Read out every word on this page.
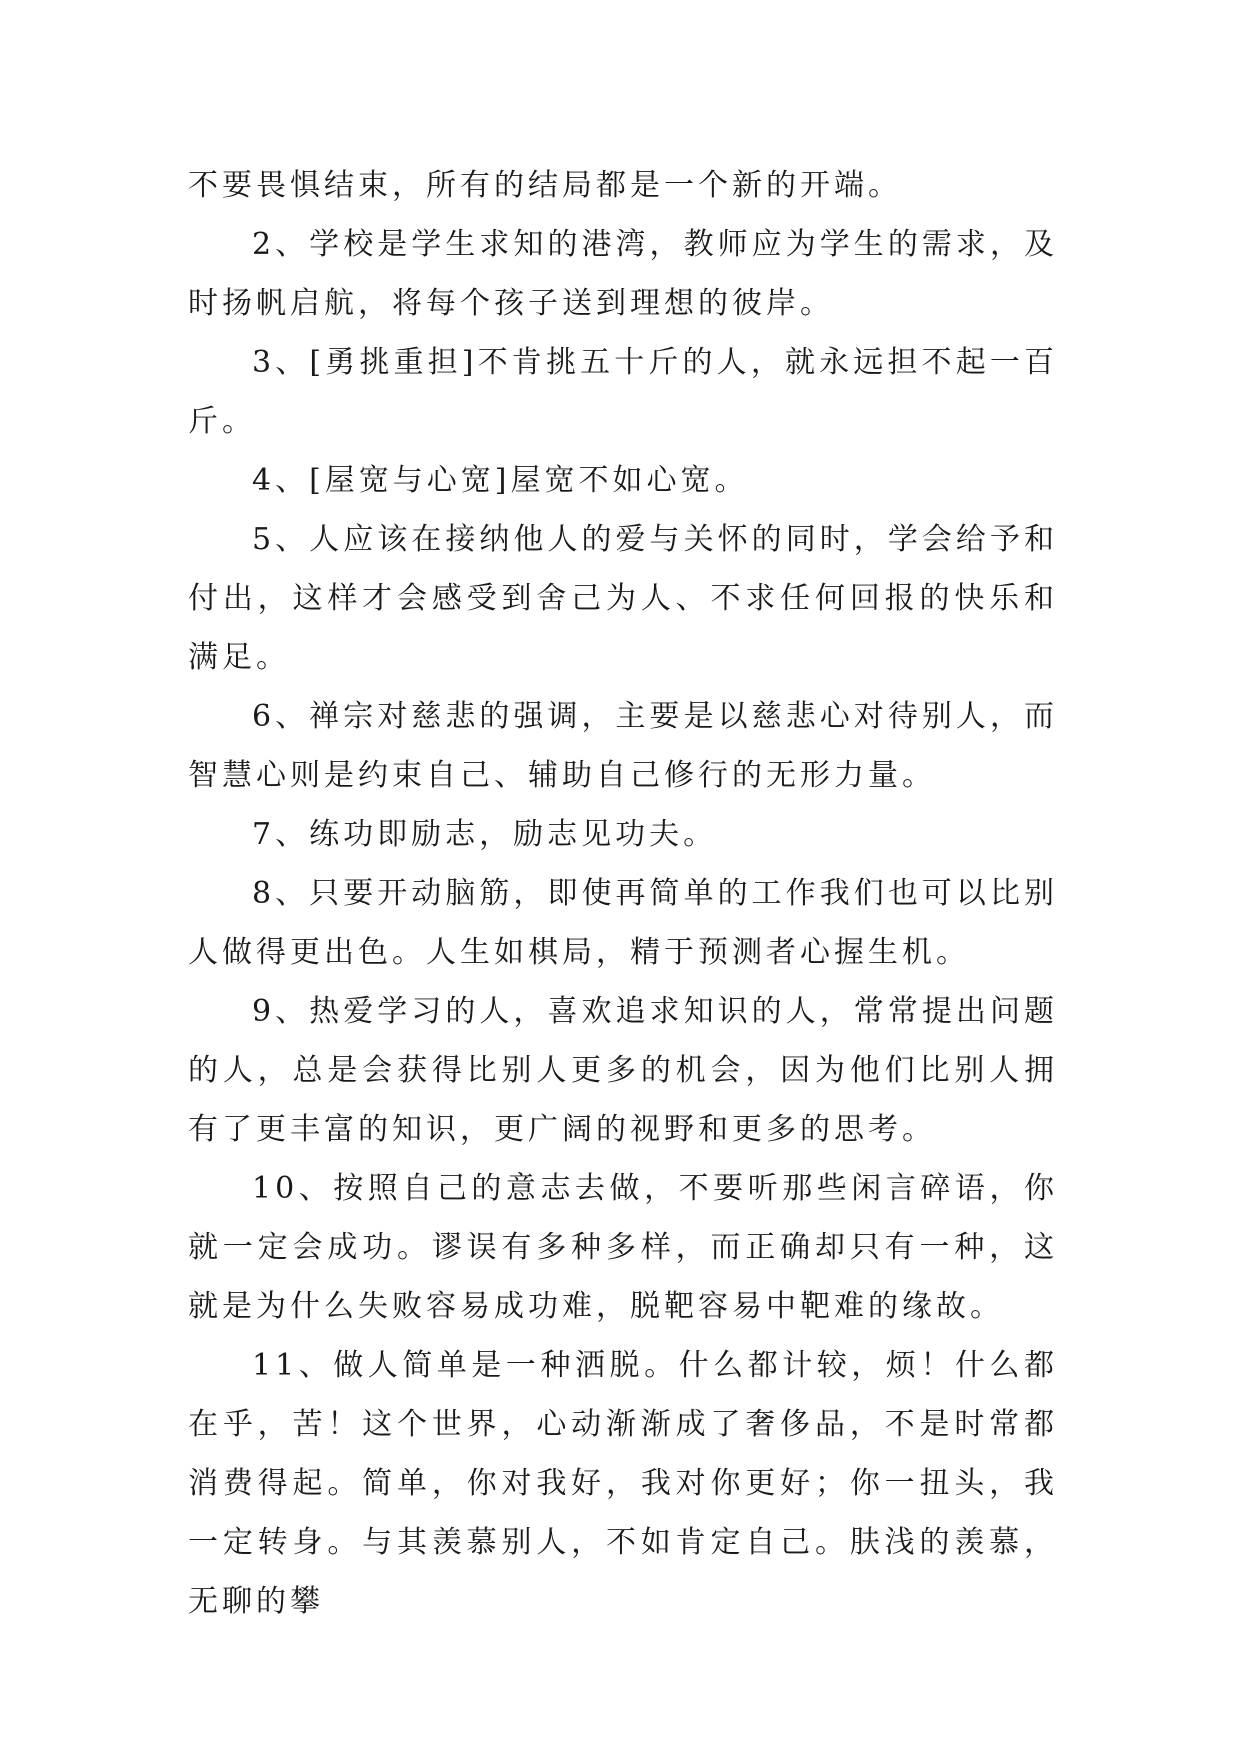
不要畏惧结束，所有的结局都是一个新的开端。

2、学校是学生求知的港湾，教师应为学生的需求，及时扬帆启航，将每个孩子送到理想的彼岸。

3、[勇挑重担]不肯挑五十斤的人，就永远担不起一百斤。

4、[屋宽与心宽]屋宽不如心宽。

5、人应该在接纳他人的爱与关怀的同时，学会给予和付出，这样才会感受到舍己为人、不求任何回报的快乐和满足。

6、禅宗对慈悲的强调，主要是以慈悲心对待别人，而智慧心则是约束自己、辅助自己修行的无形力量。

7、练功即励志，励志见功夫。

8、只要开动脑筋，即使再简单的工作我们也可以比别人做得更出色。人生如棋局，精于预测者心握生机。

9、热爱学习的人，喜欢追求知识的人，常常提出问题的人，总是会获得比别人更多的机会，因为他们比别人拥有了更丰富的知识，更广阔的视野和更多的思考。

10、按照自己的意志去做，不要听那些闲言碎语，你就一定会成功。谬误有多种多样，而正确却只有一种，这就是为什么失败容易成功难，脱靶容易中靶难的缘故。

11、做人简单是一种洒脱。什么都计较，烦！什么都在乎，苦！这个世界，心动渐渐成了奢侈品，不是时常都消费得起。简单，你对我好，我对你更好；你一扭头，我一定转身。与其羡慕别人，不如肯定自己。肤浅的羡慕，无聊的攀
